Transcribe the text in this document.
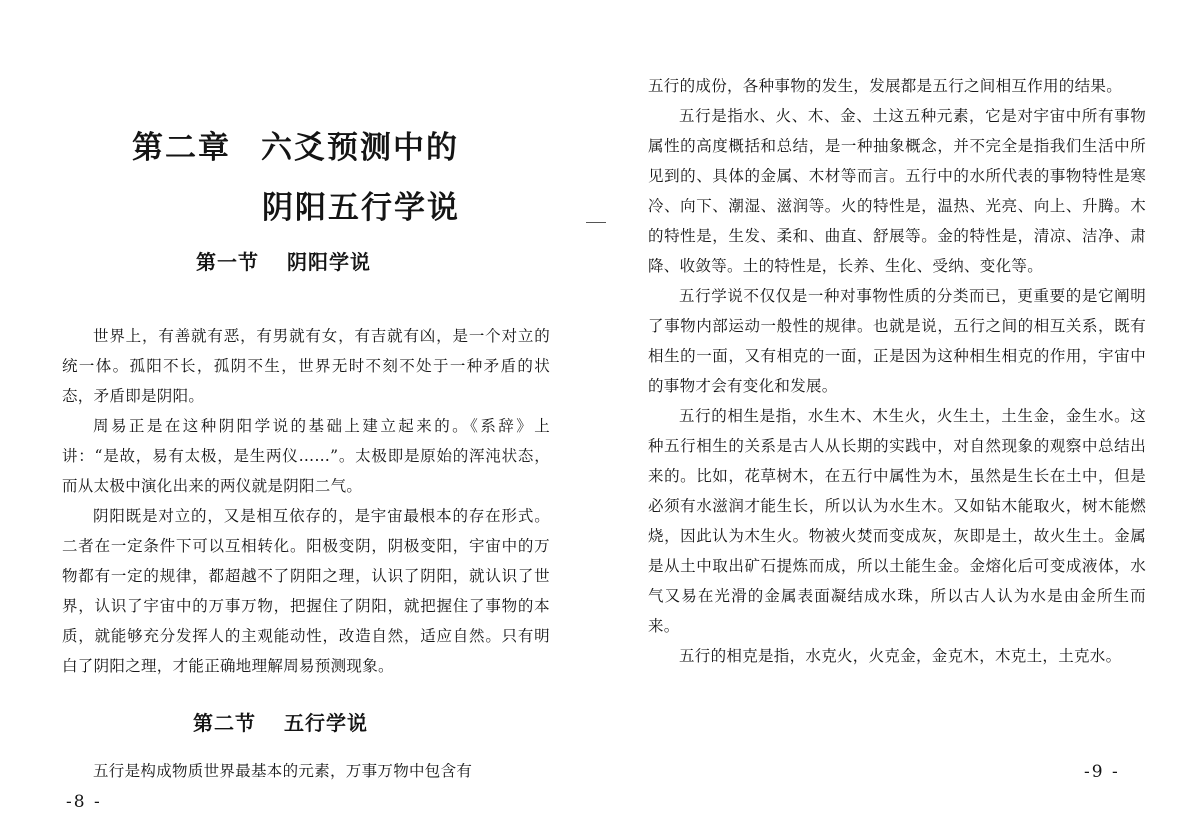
第二章 六爻预测中的
阴阳五行学说
第一节 阴阳学说

世界上，有善就有恶，有男就有女，有吉就有凶，是一个对立的统一体。孤阳不长，孤阴不生，世界无时不刻不处于一种矛盾的状态，矛盾即是阴阳。

周易正是在这种阴阳学说的基础上建立起来的。《系辞》上讲：“是故，易有太极，是生两仪……”。太极即是原始的浑沌状态，而从太极中演化出来的两仪就是阴阳二气。

阴阳既是对立的，又是相互依存的，是宇宙最根本的存在形式。二者在一定条件下可以互相转化。阳极变阴，阴极变阳，宇宙中的万物都有一定的规律，都超越不了阴阳之理，认识了阴阳，就认识了世界，认识了宇宙中的万事万物，把握住了阴阳，就把握住了事物的本质，就能够充分发挥人的主观能动性，改造自然，适应自然。只有明白了阴阳之理，才能正确地理解周易预测现象。

第二节 五行学说

五行是构成物质世界最基本的元素，万事万物中包含有

-8 -

五行的成份，各种事物的发生，发展都是五行之间相互作用的结果。

五行是指水、火、木、金、土这五种元素，它是对宇宙中所有事物属性的高度概括和总结，是一种抽象概念，并不完全是指我们生活中所见到的、具体的金属、木材等而言。五行中的水所代表的事物特性是寒冷、向下、潮湿、滋润等。火的特性是，温热、光亮、向上、升腾。木的特性是，生发、柔和、曲直、舒展等。金的特性是，清凉、洁净、肃降、收敛等。土的特性是，长养、生化、受纳、变化等。

五行学说不仅仅是一种对事物性质的分类而已，更重要的是它阐明了事物内部运动一般性的规律。也就是说，五行之间的相互关系，既有相生的一面，又有相克的一面，正是因为这种相生相克的作用，宇宙中的事物才会有变化和发展。

五行的相生是指，水生木、木生火，火生土，土生金，金生水。这种五行相生的关系是古人从长期的实践中，对自然现象的观察中总结出来的。比如，花草树木，在五行中属性为木，虽然是生长在土中，但是必须有水滋润才能生长，所以认为水生木。又如钻木能取火，树木能燃烧，因此认为木生火。物被火焚而变成灰，灰即是土，故火生土。金属是从土中取出矿石提炼而成，所以土能生金。金熔化后可变成液体，水气又易在光滑的金属表面凝结成水珠，所以古人认为水是由金所生而来。

五行的相克是指，水克火，火克金，金克木，木克土，土克水。

-9 -
